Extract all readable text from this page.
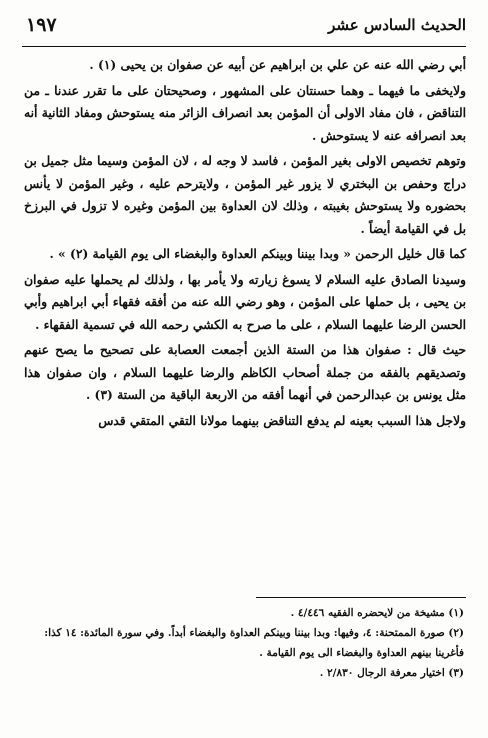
الحديث السادس عشر
١٩٧

أبي رضي الله عنه عن علي بن ابراهيم عن أبيه عن صفوان بن يحيى (١) .

ولايخفى ما فيهما ـ وهما حسنتان على المشهور ، وصحيحتان على ما تقرر عندنا ـ من التناقض ، فان مفاد الاولى أن المؤمن بعد انصراف الزائر منه يستوحش ومفاد الثانية أنه بعد انصرافه عنه لا يستوحش .

وتوهم تخصيص الاولى بغير المؤمن ، فاسد لا وجه له ، لان المؤمن وسيما مثل جميل بن دراج وحفص بن البختري لا يزور غير المؤمن ، ولايترحم عليه ، وغير المؤمن لا يأنس بحضوره ولا يستوحش بغيبته ، وذلك لان العداوة بين المؤمن وغيره لا تزول في البرزخ بل في القيامة أيضاً .

كما قال خليل الرحمن « وبدا بيننا وبينكم العداوة والبغضاء الى يوم القيامة (٢) » .

وسيدنا الصادق عليه السلام لا يسوغ زيارته ولا يأمر بها ، ولذلك لم يحملها عليه صفوان بن يحيى ، بل حملها على المؤمن ، وهو رضي الله عنه من أفقه فقهاء أبي ابراهيم وأبي الحسن الرضا عليهما السلام ، على ما صرح به الكشي رحمه الله في تسمية الفقهاء .

حيث قال : صفوان هذا من الستة الذين أجمعت العصابة على تصحيح ما يصح عنهم وتصديقهم بالفقه من جملة أصحاب الكاظم والرضا عليهما السلام ، وان صفوان هذا مثل يونس بن عبدالرحمن في أنهما أفقه من الاربعة الباقية من الستة (٣) .

ولاجل هذا السبب بعينه لم يدفع التناقض بينهما مولانا التقي المتقي قدس

(١) مشيخة من لايحضره الفقيه ٤/٤٤٦ .

(٢) صورة الممتحنة: ٤، وفيها: وبدا بيننا وبينكم العداوة والبغضاء أبداً. وفي سورة المائدة: ١٤ كذا: فأغرينا بينهم العداوة والبغضاء الى يوم القيامة .

(٣) اختيار معرفة الرجال ٢/٨٣٠ .
